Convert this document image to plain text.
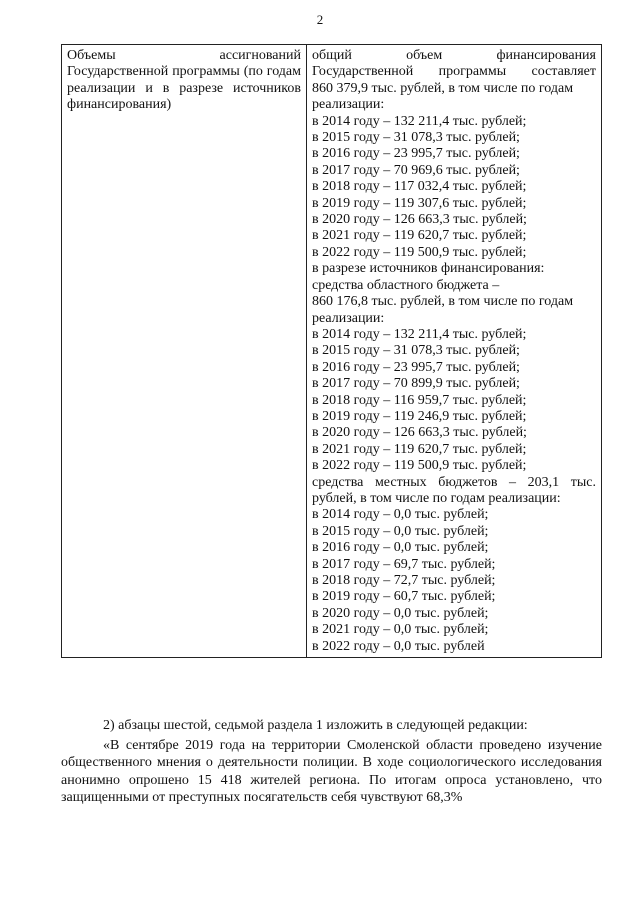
2
Объемы ассигнований Государственной программы (по годам реализации и в разрезе источников финансирования)

общий объем финансирования
Государственной программы составляет
860 379,9 тыс. рублей, в том числе по годам
реализации:
в 2014 году – 132 211,4 тыс. рублей;
в 2015 году – 31 078,3 тыс. рублей;
в 2016 году – 23 995,7 тыс. рублей;
в 2017 году – 70 969,6 тыс. рублей;
в 2018 году – 117 032,4 тыс. рублей;
в 2019 году – 119 307,6 тыс. рублей;
в 2020 году – 126 663,3 тыс. рублей;
в 2021 году – 119 620,7 тыс. рублей;
в 2022 году – 119 500,9 тыс. рублей;
в разрезе источников финансирования:
средства областного бюджета –
860 176,8 тыс. рублей, в том числе по годам
реализации:
в 2014 году – 132 211,4 тыс. рублей;
в 2015 году – 31 078,3 тыс. рублей;
в 2016 году – 23 995,7 тыс. рублей;
в 2017 году – 70 899,9 тыс. рублей;
в 2018 году – 116 959,7 тыс. рублей;
в 2019 году – 119 246,9 тыс. рублей;
в 2020 году – 126 663,3 тыс. рублей;
в 2021 году – 119 620,7 тыс. рублей;
в 2022 году – 119 500,9 тыс. рублей;
средства местных бюджетов – 203,1 тыс.
рублей, в том числе по годам реализации:
в 2014 году – 0,0 тыс. рублей;
в 2015 году – 0,0 тыс. рублей;
в 2016 году – 0,0 тыс. рублей;
в 2017 году – 69,7 тыс. рублей;
в 2018 году – 72,7 тыс. рублей;
в 2019 году – 60,7 тыс. рублей;
в 2020 году – 0,0 тыс. рублей;
в 2021 году – 0,0 тыс. рублей;
в 2022 году – 0,0 тыс. рублей

2) абзацы шестой, седьмой раздела 1 изложить в следующей редакции:

«В сентябре 2019 года на территории Смоленской области проведено изучение общественного мнения о деятельности полиции. В ходе социологического исследования анонимно опрошено 15 418 жителей региона. По итогам опроса установлено, что защищенными от преступных посягательств себя чувствуют 68,3%
